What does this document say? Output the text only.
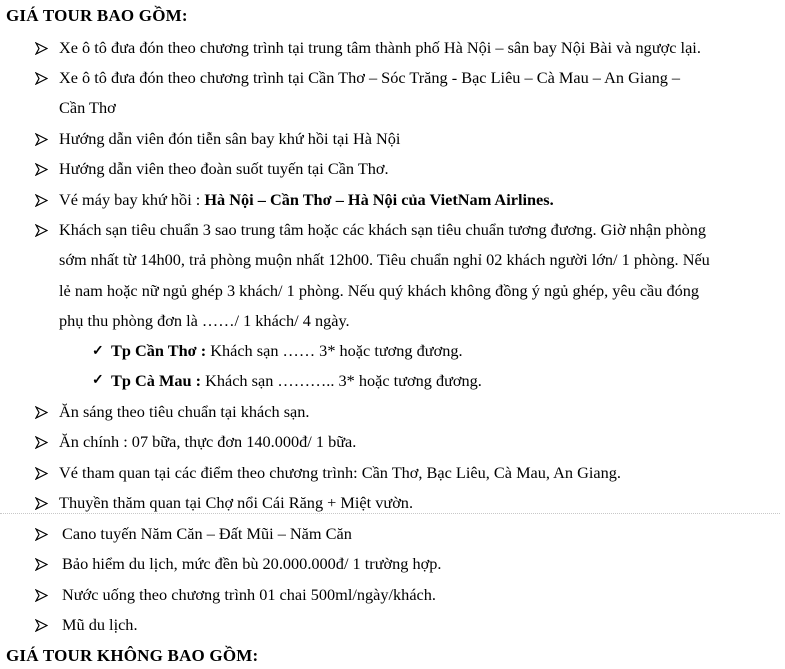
GIÁ TOUR BAO GỒM:
✓
✓
Xe ô tô đưa đón theo chương trình tại trung tâm thành phố Hà Nội – sân bay Nội Bài và ngược lại.
Xe ô tô đưa đón theo chương trình tại Cần Thơ – Sóc Trăng - Bạc Liêu – Cà Mau – An Giang –
Cần Thơ
Hướng dẫn viên đón tiễn sân bay khứ hồi tại Hà Nội
Hướng dẫn viên theo đoàn suốt tuyến tại Cần Thơ.
Vé máy bay khứ hồi : Hà Nội – Cần Thơ – Hà Nội của VietNam Airlines.
Khách sạn tiêu chuẩn 3 sao trung tâm hoặc các khách sạn tiêu chuẩn tương đương. Giờ nhận phòng
sớm nhất từ 14h00, trả phòng muộn nhất 12h00. Tiêu chuẩn nghỉ 02 khách người lớn/ 1 phòng. Nếu
lẻ nam hoặc nữ ngủ ghép 3 khách/ 1 phòng. Nếu quý khách không đồng ý ngủ ghép, yêu cầu đóng
phụ thu phòng đơn là ……/ 1 khách/ 4 ngày.
Tp Cần Thơ : Khách sạn …… 3* hoặc tương đương.
Tp Cà Mau : Khách sạn ……….. 3* hoặc tương đương.
Ăn sáng theo tiêu chuẩn tại khách sạn.
Ăn chính : 07 bữa, thực đơn 140.000đ/ 1 bữa.
Vé tham quan tại các điểm theo chương trình: Cần Thơ, Bạc Liêu, Cà Mau, An Giang.
Thuyền thăm quan tại Chợ nổi Cái Răng + Miệt vườn.
Cano tuyến Năm Căn – Đất Mũi – Năm Căn
Bảo hiểm du lịch, mức đền bù 20.000.000đ/ 1 trường hợp.
Nước uống theo chương trình 01 chai 500ml/ngày/khách.
Mũ du lịch.
GIÁ TOUR KHÔNG BAO GỒM:
